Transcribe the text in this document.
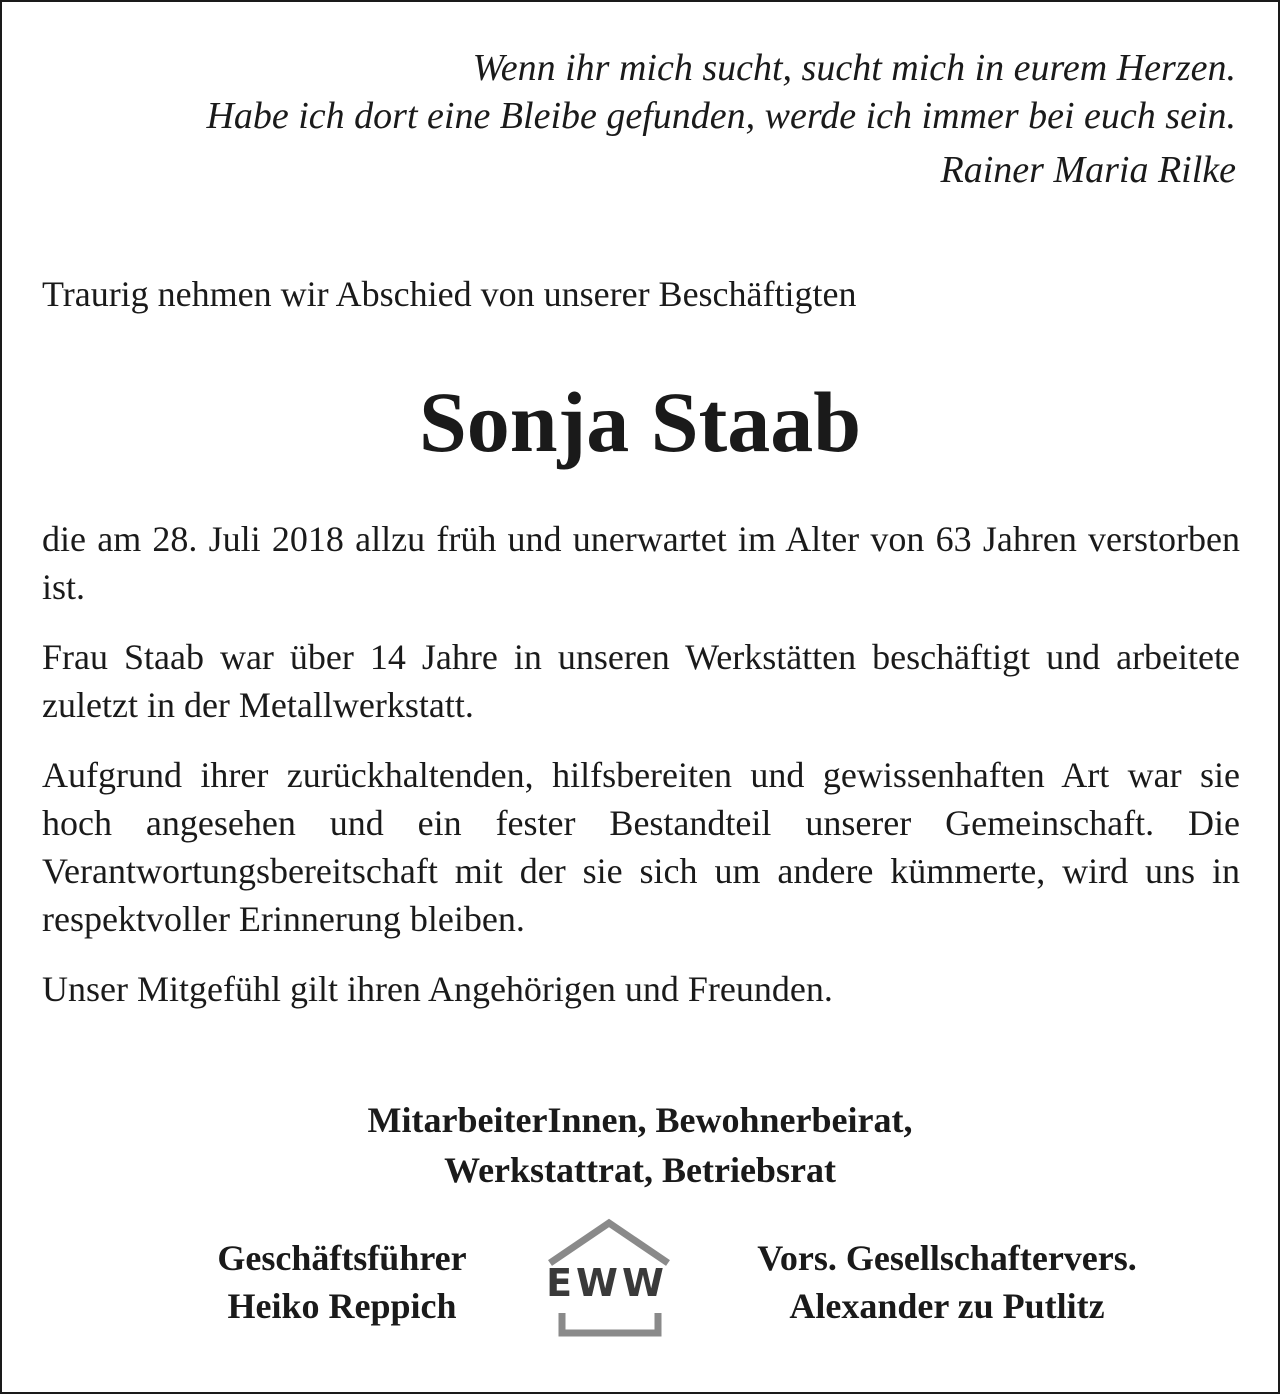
Wenn ihr mich sucht, sucht mich in eurem Herzen.
Habe ich dort eine Bleibe gefunden, werde ich immer bei euch sein.
Rainer Maria Rilke
Traurig nehmen wir Abschied von unserer Beschäftigten
Sonja Staab

die am 28. Juli 2018 allzu früh und unerwartet im Alter von 63 Jahren verstorben ist.

Frau Staab war über 14 Jahre in unseren Werkstätten beschäftigt und arbeitete zuletzt in der Metallwerkstatt.

Aufgrund ihrer zurückhaltenden, hilfsbereiten und gewissenhaften Art war sie hoch angesehen und ein fester Bestandteil unserer Gemeinschaft. Die Verantwortungsbereitschaft mit der sie sich um andere kümmerte, wird uns in respektvoller Erinnerung bleiben.

Unser Mitgefühl gilt ihren Angehörigen und Freunden.

MitarbeiterInnen, Bewohnerbeirat,
Werkstattrat, Betriebsrat
Geschäftsführer
Heiko Reppich
EWW
Vors. Gesellschaftervers.
Alexander zu Putlitz
